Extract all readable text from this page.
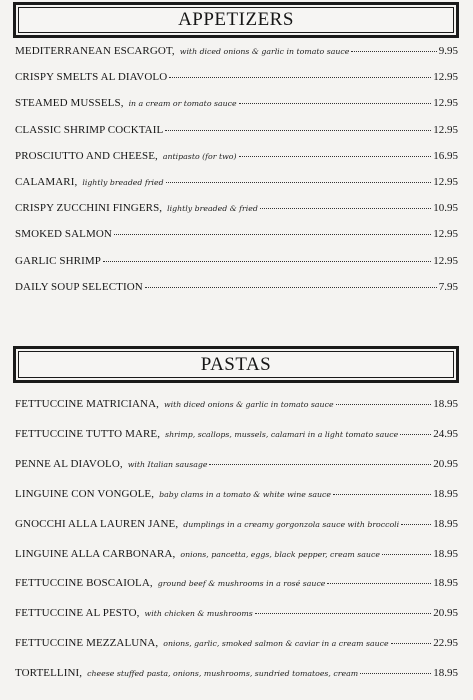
APPETIZERS
MEDITERRANEAN ESCARGOT, with diced onions & garlic in tomato sauce	9.95
CRISPY SMELTS AL DIAVOLO	12.95
STEAMED MUSSELS, in a cream or tomato sauce	12.95
CLASSIC SHRIMP COCKTAIL	12.95
PROSCIUTTO AND CHEESE, antipasto (for two)	16.95
CALAMARI, lightly breaded fried	12.95
CRISPY ZUCCHINI FINGERS, lightly breaded & fried	10.95
SMOKED SALMON	12.95
GARLIC SHRIMP	12.95
DAILY SOUP SELECTION	7.95
PASTAS
FETTUCCINE MATRICIANA, with diced onions & garlic in tomato sauce	18.95
FETTUCCINE TUTTO MARE, shrimp, scallops, mussels, calamari in a light tomato sauce	24.95
PENNE AL DIAVOLO, with Italian sausage	20.95
LINGUINE CON VONGOLE, baby clams in a tomato & white wine sauce	18.95
GNOCCHI ALLA LAUREN JANE, dumplings in a creamy gorgonzola sauce with broccoli	18.95
LINGUINE ALLA CARBONARA, onions, pancetta, eggs, black pepper, cream sauce	18.95
FETTUCCINE BOSCAIOLA, ground beef & mushrooms in a rosé sauce	18.95
FETTUCCINE AL PESTO, with chicken & mushrooms	20.95
FETTUCCINE MEZZALUNA, onions, garlic, smoked salmon & caviar in a cream sauce	22.95
TORTELLINI, cheese stuffed pasta, onions, mushrooms, sundried tomatoes, cream	18.95
